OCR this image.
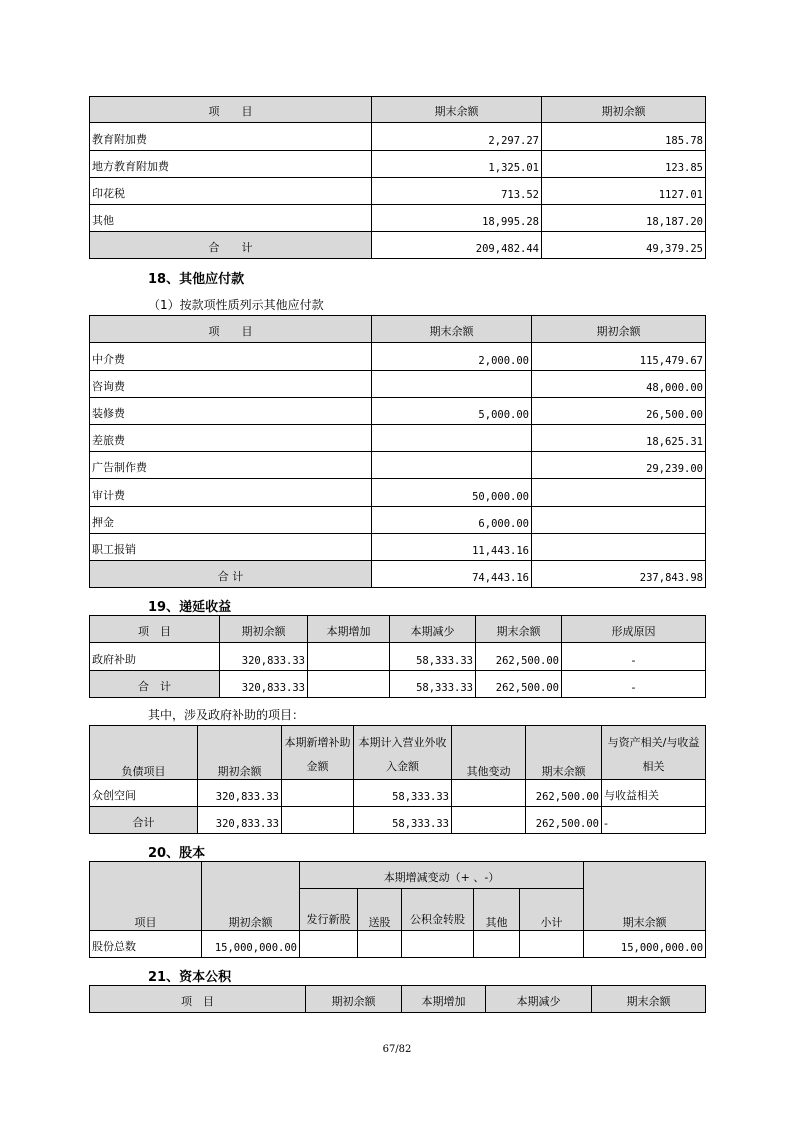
项　　目	期末余额	期初余额
教育附加费	2,297.27	185.78
地方教育附加费	1,325.01	123.85
印花税	713.52	1127.01
其他	18,995.28	18,187.20
合　　计	209,482.44	49,379.25
18、其他应付款
（1）按款项性质列示其他应付款
项　　目	期末余额	期初余额
中介费	2,000.00	115,479.67
咨询费		48,000.00
装修费	5,000.00	26,500.00
差旅费		18,625.31
广告制作费		29,239.00
审计费	50,000.00	
押金	6,000.00	
职工报销	11,443.16	
合 计	74,443.16	237,843.98
19、递延收益
项　目	期初余额	本期增加	本期减少	期末余额	形成原因
政府补助	320,833.33		58,333.33	262,500.00	-
合　计	320,833.33		58,333.33	262,500.00	-
其中，涉及政府补助的项目：
负债项目	期初余额	本期新增补助金额	本期计入营业外收入金额	其他变动	期末余额	与资产相关/与收益相关
众创空间	320,833.33		58,333.33		262,500.00	与收益相关
合计	320,833.33		58,333.33		262,500.00	-
20、股本
项目	期初余额	本期增减变动（+ 、-）					期末余额
		发行新股	送股	公积金转股	其他	小计	
股份总数	15,000,000.00						15,000,000.00
21、资本公积
项　目	期初余额	本期增加	本期减少	期末余额
67/82
